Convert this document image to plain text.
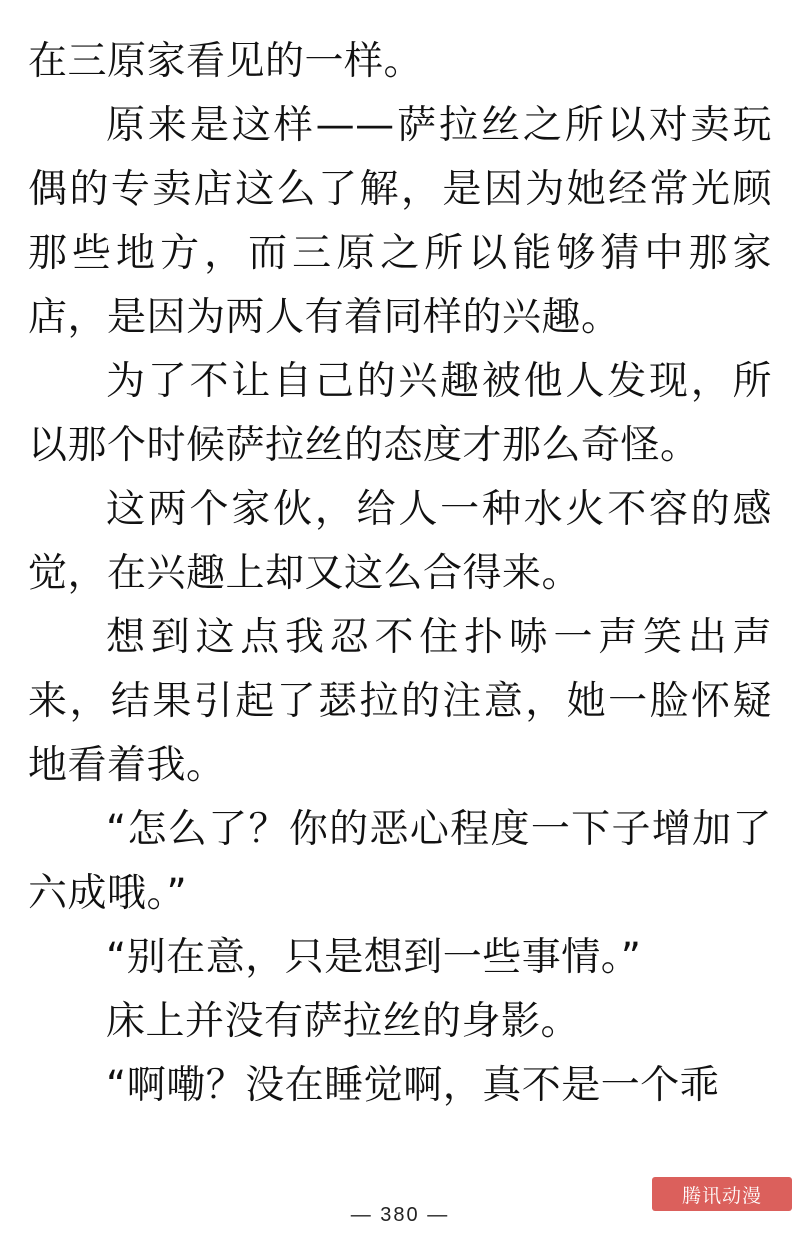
在三原家看见的一样。

原来是这样——萨拉丝之所以对卖玩偶的专卖店这么了解，是因为她经常光顾那些地方，而三原之所以能够猜中那家店，是因为两人有着同样的兴趣。

为了不让自己的兴趣被他人发现，所以那个时候萨拉丝的态度才那么奇怪。

这两个家伙，给人一种水火不容的感觉，在兴趣上却又这么合得来。

想到这点我忍不住扑哧一声笑出声来，结果引起了瑟拉的注意，她一脸怀疑地看着我。

“怎么了？你的恶心程度一下子增加了六成哦。”

“别在意，只是想到一些事情。”

床上并没有萨拉丝的身影。

“啊嘞？没在睡觉啊，真不是一个乖

— 380 —
腾讯动漫
